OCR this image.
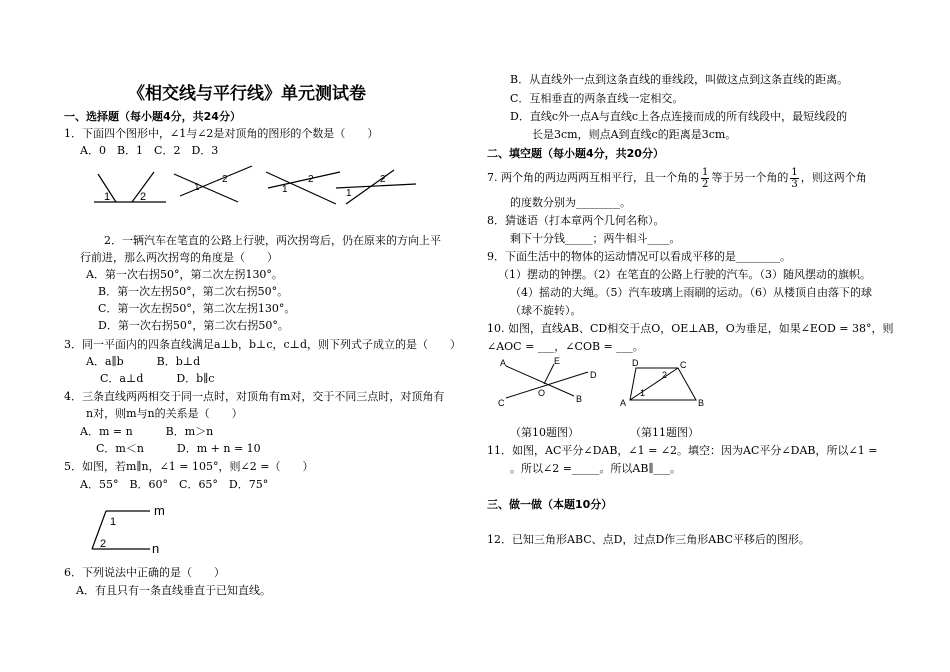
《相交线与平行线》单元测试卷
一、选择题（每小题4分，共24分）
1．下面四个图形中，∠1与∠2是对顶角的图形的个数是（　　）
A．0　B．1　C．2　D．3
1	2
1
2
1
2
1
2
2．一辆汽车在笔直的公路上行驶，两次拐弯后，仍在原来的方向上平
行前进，那么两次拐弯的角度是（　　）
A．第一次右拐50°，第二次左拐130°。
B．第一次左拐50°，第二次右拐50°。
C．第一次左拐50°，第二次左拐130°。
D．第一次右拐50°，第二次右拐50°。
3．同一平面内的四条直线满足a⊥b，b⊥c，c⊥d，则下列式子成立的是（　　）
A．a∥b　　　B．b⊥d
C．a⊥d　　　D．b∥c
4．三条直线两两相交于同一点时，对顶角有m对，交于不同三点时，对顶角有
n对，则m与n的关系是（　　）
A．m = n　　　B．m＞n
C．m＜n　　　D．m + n = 10
5．如图，若m∥n，∠1 = 105°，则∠2 =（　　）
A．55°　B．60°　C．65°　D．75°
m
n
1
2
6．下列说法中正确的是（　　）
A．有且只有一条直线垂直于已知直线。
B．从直线外一点到这条直线的垂线段，叫做这点到这条直线的距离。
C．互相垂直的两条直线一定相交。
D．直线c外一点A与直线c上各点连接而成的所有线段中，最短线段的
长是3cm，则点A到直线c的距离是3cm。
二、填空题（每小题4分，共20分）
7. 两个角的两边两两互相平行，且一个角的 $\frac{1}{2}$ 等于另一个角的 $\frac{1}{3}$ ，则这两个角
的度数分别为________。
8．猜谜语（打本章两个几何名称）。
剩下十分钱_____；两牛相斗____。
9．下面生活中的物体的运动情况可以看成平移的是________。
（1）摆动的钟摆。（2）在笔直的公路上行驶的汽车。（3）随风摆动的旗帜。
（4）摇动的大绳。（5）汽车玻璃上雨刷的运动。（6）从楼顶自由落下的球
（球不旋转）。
10. 如图，直线AB、CD相交于点O，OE⊥AB，O为垂足，如果∠EOD = 38°，则
∠AOC = ___，∠COB = ___。
A
B
C
D
E
O
A	B
C
D
1
2
（第10题图）	（第11题图）
11．如图，AC平分∠DAB，∠1 = ∠2。填空：因为AC平分∠DAB，所以∠1 =
。所以∠2 =_____。所以AB∥___。
三、做一做（本题10分）
12．已知三角形ABC、点D，过点D作三角形ABC平移后的图形。
